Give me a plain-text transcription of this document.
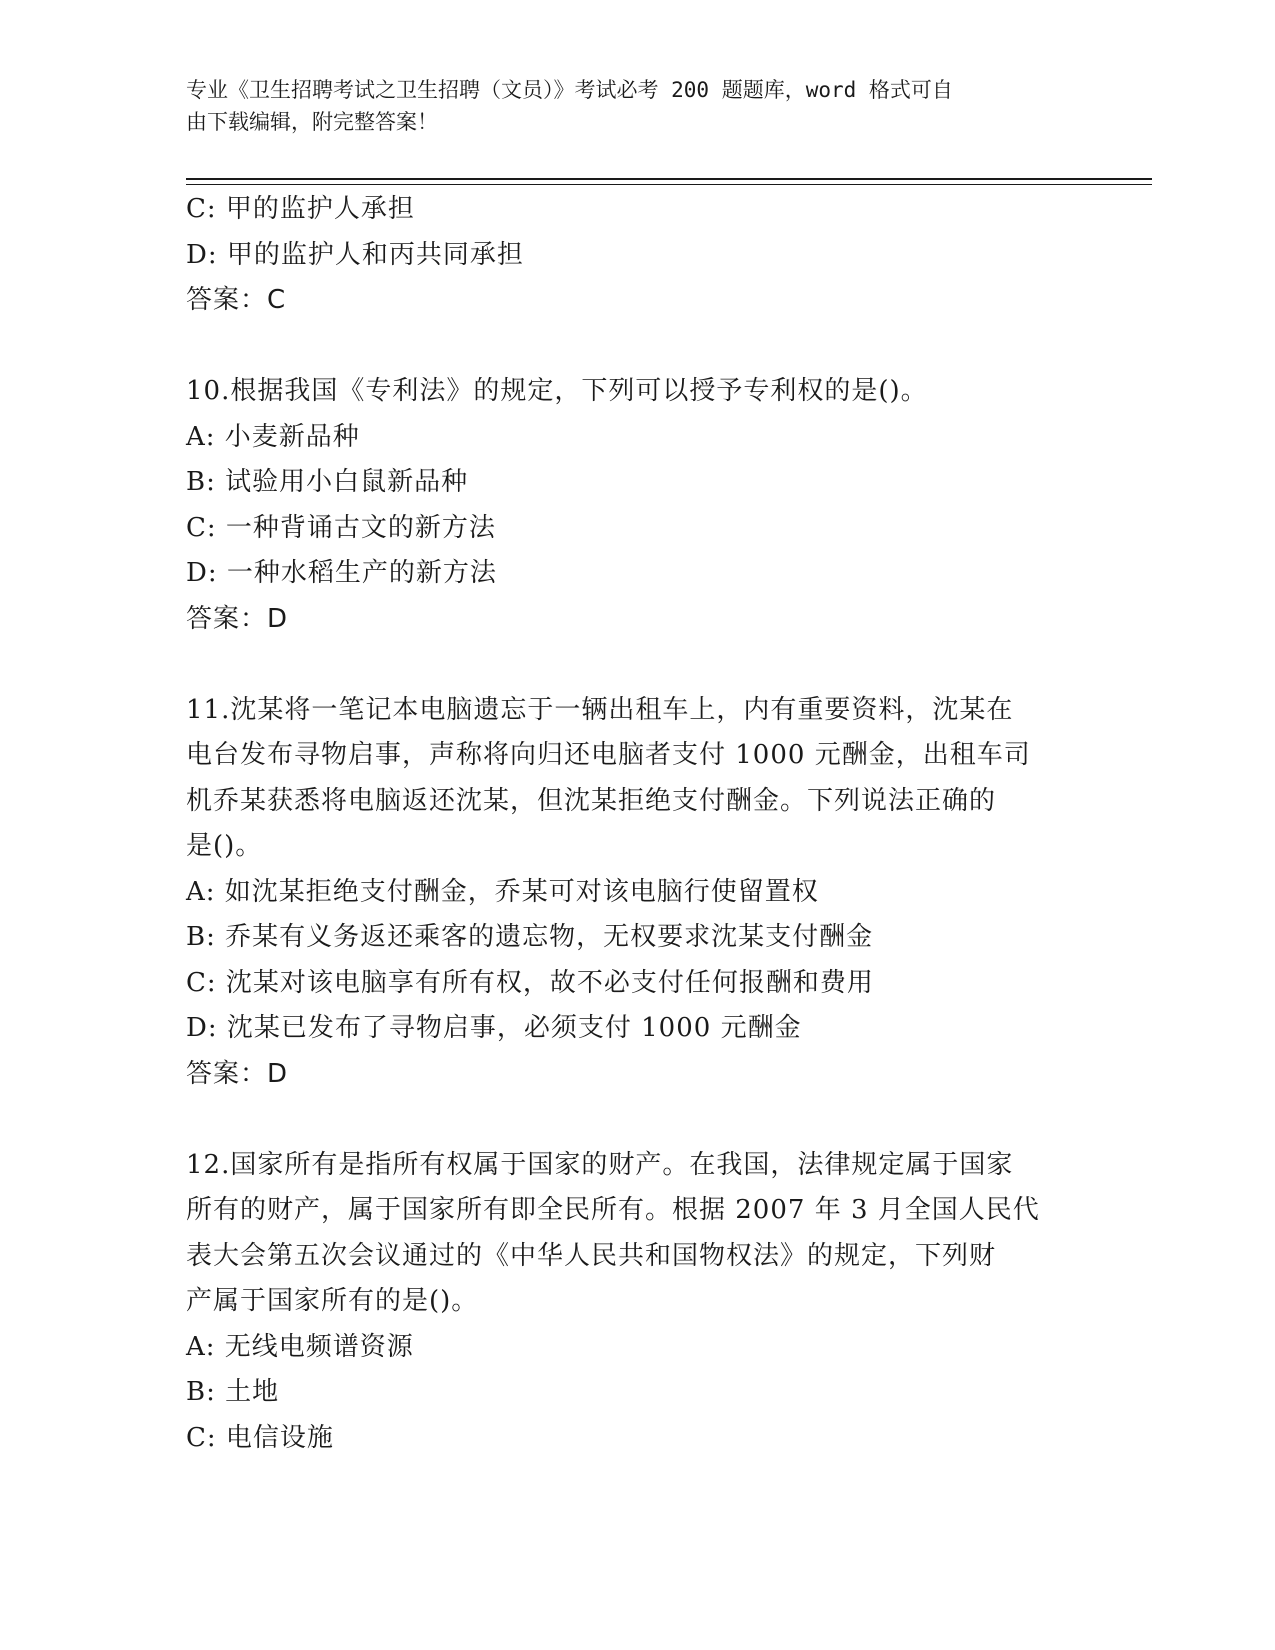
专业《卫生招聘考试之卫生招聘（文员）》考试必考 200 题题库，word 格式可自
由下载编辑，附完整答案！
C: 甲的监护人承担
D: 甲的监护人和丙共同承担
答案：C
10.根据我国《专利法》的规定，下列可以授予专利权的是()。
A: 小麦新品种
B: 试验用小白鼠新品种
C: 一种背诵古文的新方法
D: 一种水稻生产的新方法
答案：D
11.沈某将一笔记本电脑遗忘于一辆出租车上，内有重要资料，沈某在
电台发布寻物启事，声称将向归还电脑者支付 1000 元酬金，出租车司
机乔某获悉将电脑返还沈某，但沈某拒绝支付酬金。下列说法正确的
是()。
A: 如沈某拒绝支付酬金，乔某可对该电脑行使留置权
B: 乔某有义务返还乘客的遗忘物，无权要求沈某支付酬金
C: 沈某对该电脑享有所有权，故不必支付任何报酬和费用
D: 沈某已发布了寻物启事，必须支付 1000 元酬金
答案：D
12.国家所有是指所有权属于国家的财产。在我国，法律规定属于国家
所有的财产，属于国家所有即全民所有。根据 2007 年 3 月全国人民代
表大会第五次会议通过的《中华人民共和国物权法》的规定，下列财
产属于国家所有的是()。
A: 无线电频谱资源
B: 土地
C: 电信设施
